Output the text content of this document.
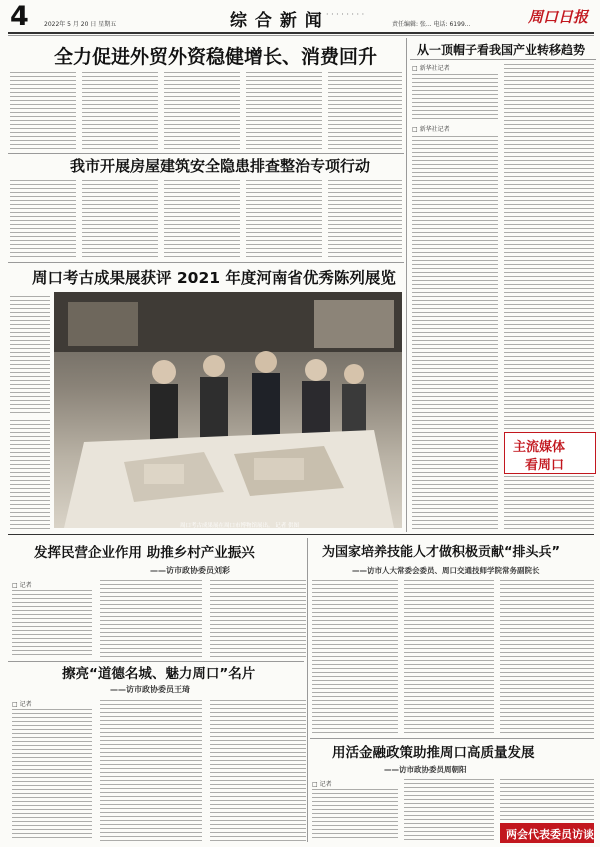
4	2022年 5 月 20 日 星期五	责任编辑: 张... 电话: 6199...
综 合 新 闻 · · · · · · · ·	周口日报
全力促进外贸外资稳健增长、消费回升
我市开展房屋建筑安全隐患排查整治专项行动
周口考古成果展获评 2021 年度河南省优秀陈列展览
周口考古成果展在周口市博物馆展出。 记者 供图
从一顶帽子看我国产业转移趋势
□ 新华社记者
□ 新华社记者
主流媒体
看周口
发挥民营企业作用 助推乡村产业振兴
——访市政协委员刘彩
□ 记者
擦亮“道德名城、魅力周口”名片
——访市政协委员王琦
□ 记者
为国家培养技能人才做积极贡献“排头兵”
——访市人大常委会委员、周口交通技师学院常务副院长
用活金融政策助推周口高质量发展
——访市政协委员周朝阳
□ 记者
两会代表委员访谈
